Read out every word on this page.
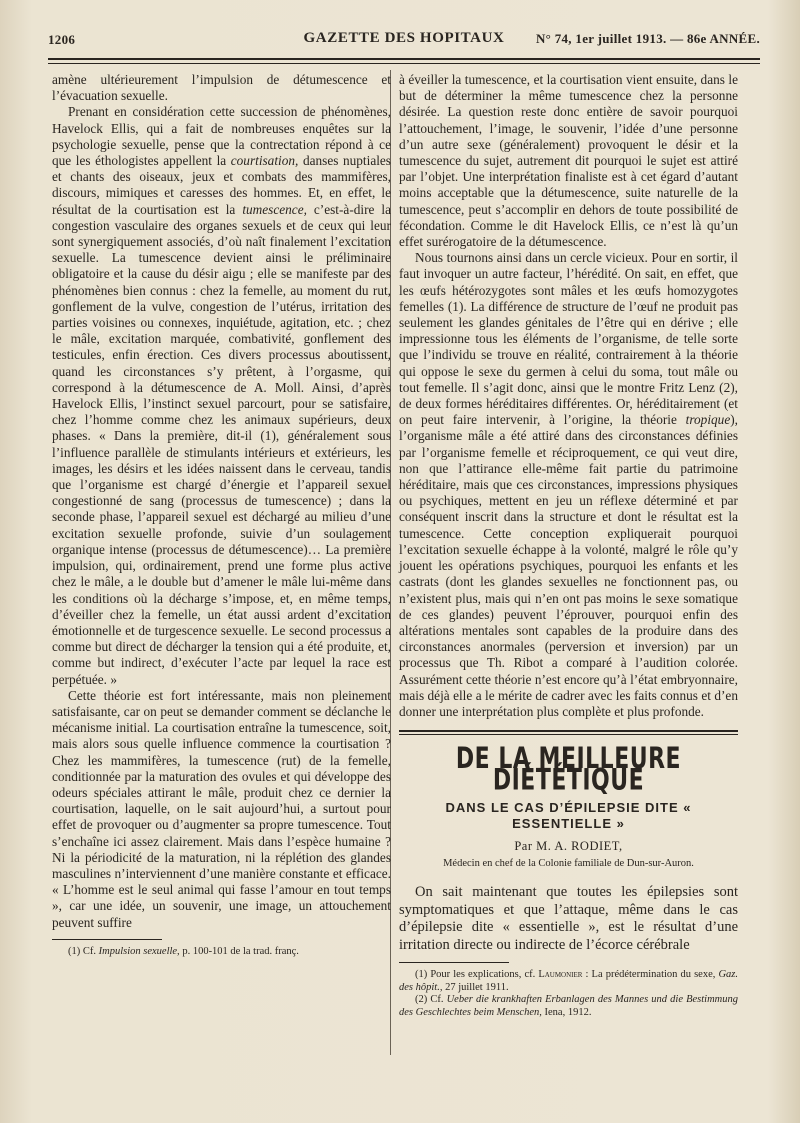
1206	GAZETTE DES HOPITAUX	N° 74, 1er juillet 1913. — 86e ANNÉE.

amène ultérieurement l’impulsion de détumescence et l’évacuation sexuelle.

Prenant en considération cette succession de phénomènes, Havelock Ellis, qui a fait de nombreuses enquêtes sur la psychologie sexuelle, pense que la contrectation répond à ce que les éthologistes appellent la courtisation, danses nuptiales et chants des oiseaux, jeux et combats des mammifères, discours, mimiques et caresses des hommes. Et, en effet, le résultat de la courtisation est la tumescence, c’est-à-dire la congestion vasculaire des organes sexuels et de ceux qui leur sont synergiquement associés, d’où naît finalement l’excitation sexuelle. La tumescence devient ainsi le préliminaire obligatoire et la cause du désir aigu ; elle se manifeste par des phénomènes bien connus : chez la femelle, au moment du rut, gonflement de la vulve, congestion de l’utérus, irritation des parties voisines ou connexes, inquiétude, agitation, etc. ; chez le mâle, excitation marquée, combativité, gonflement des testicules, enfin érection. Ces divers processus aboutissent, quand les circonstances s’y prêtent, à l’orgasme, qui correspond à la détumescence de A. Moll. Ainsi, d’après Havelock Ellis, l’instinct sexuel parcourt, pour se satisfaire, chez l’homme comme chez les animaux supérieurs, deux phases. « Dans la première, dit-il (1), généralement sous l’influence parallèle de stimulants intérieurs et extérieurs, les images, les désirs et les idées naissent dans le cerveau, tandis que l’organisme est chargé d’énergie et l’appareil sexuel congestionné de sang (processus de tumescence) ; dans la seconde phase, l’appareil sexuel est déchargé au milieu d’une excitation sexuelle profonde, suivie d’un soulagement organique intense (processus de détumescence)… La première impulsion, qui, ordinairement, prend une forme plus active chez le mâle, a le double but d’amener le mâle lui-même dans les conditions où la décharge s’impose, et, en même temps, d’éveiller chez la femelle, un état aussi ardent d’excitation émotionnelle et de turgescence sexuelle. Le second processus a comme but direct de décharger la tension qui a été produite, et, comme but indirect, d’exécuter l’acte par lequel la race est perpétuée. »

Cette théorie est fort intéressante, mais non pleinement satisfaisante, car on peut se demander comment se déclanche le mécanisme initial. La courtisation entraîne la tumescence, soit, mais alors sous quelle influence commence la courtisation ? Chez les mammifères, la tumescence (rut) de la femelle, conditionnée par la maturation des ovules et qui développe des odeurs spéciales attirant le mâle, produit chez ce dernier la courtisation, laquelle, on le sait aujourd’hui, a surtout pour effet de provoquer ou d’augmenter sa propre tumescence. Tout s’enchaîne ici assez clairement. Mais dans l’espèce humaine ? Ni la périodicité de la maturation, ni la réplétion des glandes masculines n’interviennent d’une manière constante et efficace. « L’homme est le seul animal qui fasse l’amour en tout temps », car une idée, un souvenir, une image, un attouchement peuvent suffire

(1) Cf. Impulsion sexuelle, p. 100-101 de la trad. franç.

à éveiller la tumescence, et la courtisation vient ensuite, dans le but de déterminer la même tumescence chez la personne désirée. La question reste donc entière de savoir pourquoi l’attouchement, l’image, le souvenir, l’idée d’une personne d’un autre sexe (généralement) provoquent le désir et la tumescence du sujet, autrement dit pourquoi le sujet est attiré par l’objet. Une interprétation finaliste est à cet égard d’autant moins acceptable que la détumescence, suite naturelle de la tumescence, peut s’accomplir en dehors de toute possibilité de fécondation. Comme le dit Havelock Ellis, ce n’est là qu’un effet surérogatoire de la détumescence.

Nous tournons ainsi dans un cercle vicieux. Pour en sortir, il faut invoquer un autre facteur, l’hérédité. On sait, en effet, que les œufs hétérozygotes sont mâles et les œufs homozygotes femelles (1). La différence de structure de l’œuf ne produit pas seulement les glandes génitales de l’être qui en dérive ; elle impressionne tous les éléments de l’organisme, de telle sorte que l’individu se trouve en réalité, contrairement à la théorie qui oppose le sexe du germen à celui du soma, tout mâle ou tout femelle. Il s’agit donc, ainsi que le montre Fritz Lenz (2), de deux formes héréditaires différentes. Or, héréditairement (et on peut faire intervenir, à l’origine, la théorie tropique), l’organisme mâle a été attiré dans des circonstances définies par l’organisme femelle et réciproquement, ce qui veut dire, non que l’attirance elle-même fait partie du patrimoine héréditaire, mais que ces circonstances, impressions physiques ou psychiques, mettent en jeu un réflexe déterminé et par conséquent inscrit dans la structure et dont le résultat est la tumescence. Cette conception expliquerait pourquoi l’excitation sexuelle échappe à la volonté, malgré le rôle qu’y jouent les opérations psychiques, pourquoi les enfants et les castrats (dont les glandes sexuelles ne fonctionnent pas, ou n’existent plus, mais qui n’en ont pas moins le sexe somatique de ces glandes) peuvent l’éprouver, pourquoi enfin des altérations mentales sont capables de la produire dans des circonstances anormales (perversion et inversion) par un processus que Th. Ribot a comparé à l’audition colorée. Assurément cette théorie n’est encore qu’à l’état embryonnaire, mais déjà elle a le mérite de cadrer avec les faits connus et d’en donner une interprétation plus complète et plus profonde.

DE LA MEILLEURE DIÉTÉTIQUE
DANS LE CAS D’ÉPILEPSIE DITE « ESSENTIELLE »
Par M. A. RODIET,
Médecin en chef de la Colonie familiale de Dun-sur-Auron.

On sait maintenant que toutes les épilepsies sont symptomatiques et que l’attaque, même dans le cas d’épilepsie dite « essentielle », est le résultat d’une irritation directe ou indirecte de l’écorce cérébrale

(1) Pour les explications, cf. Laumonier : La prédétermination du sexe, Gaz. des hôpit., 27 juillet 1911.

(2) Cf. Ueber die krankhaften Erbanlagen des Mannes und die Bestimmung des Geschlechtes beim Menschen, Iena, 1912.
